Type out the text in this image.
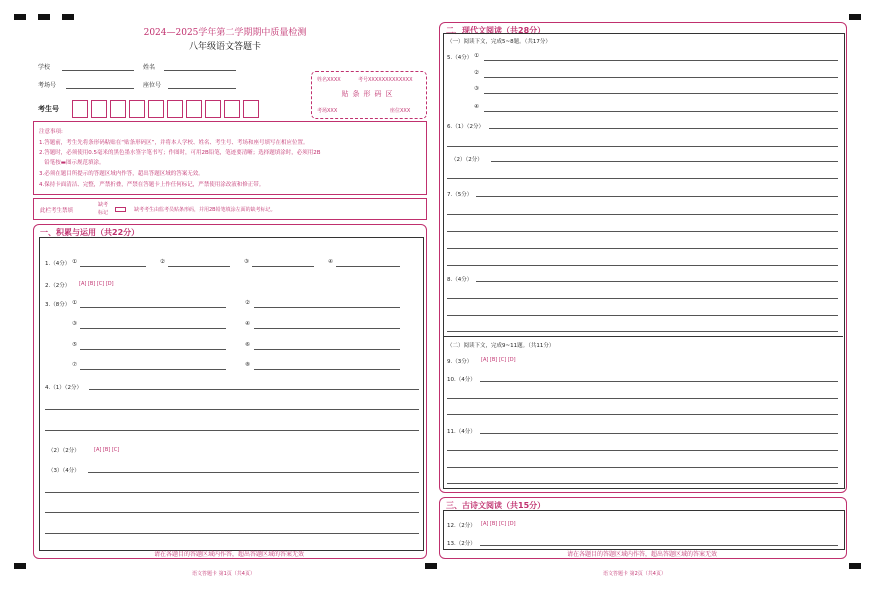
2024—2025学年第二学期期中质量检测
八年级语文答题卡
学校	姓名
考场号	座位号
考生号
姓名XXXX	考号XXXXXXXXXXXXX
贴条形码区
考场XXX	座位XXX
注意事项:
1.答题前，考生先将条形码粘贴在“贴条形码区”，并将本人学校、姓名、考生号、考场和座号填写在相应位置。
2.答题时，必须使用0.5毫米的黑色墨水签字笔书写；作图时，可用2B铅笔，笔迹要清晰；选择题填涂时，必须用2B
铅笔按▬图示规范填涂。
3.必须在题目所提示的答题区域内作答，超出答题区域的答案无效。
4.保持卡面清洁、完整，严禁折叠，严禁在答题卡上作任何标记，严禁使用涂改液和修正带。
此栏考生禁填
缺考
标记	缺考考生由监考员贴条形码，并用2B铅笔填涂左面的缺考标记。
一、积累与运用（共22分）
1.（4分） ①	②	③	④
2.（2分） [A] [B] [C] [D]
3.（8分） ①	②
③	④
⑤	⑥
⑦	⑧
4.（1）（2分）
（2）（2分）	[A] [B] [C]
（3）（4分）
请在各题目的答题区域内作答，超出答题区域的答案无效
语文答题卡 第1页（共4页）
二、现代文阅读（共28分）
（一）阅读下文，完成5~8题。（共17分）
5.（4分） ①
②
③
④
6.（1）（2分）
（2）（2分）
7.（5分）
8.（4分）
（二）阅读下文，完成9~11题。（共11分）
9.（3分） [A] [B] [C] [D]
10.（4分）
11.（4分）
三、古诗文阅读（共15分）
12.（2分） [A] [B] [C] [D]
13.（2分）
请在各题目的答题区域内作答，超出答题区域的答案无效
语文答题卡 第2页（共4页）
